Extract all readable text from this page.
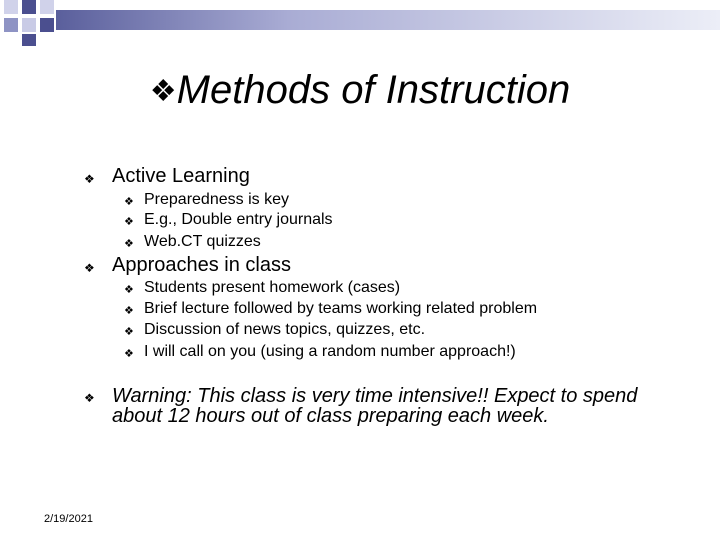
❖Methods of Instruction
❖ Active Learning
❖ Preparedness is key
❖ E.g., Double entry journals
❖ Web.CT quizzes
❖ Approaches in class
❖ Students present homework (cases)
❖ Brief lecture followed by teams working related problem
❖ Discussion of news topics, quizzes, etc.
❖ I will call on you (using a random number approach!)
❖ Warning: This class is very time intensive!! Expect to spend about 12 hours out of class preparing each week.
2/19/2021
